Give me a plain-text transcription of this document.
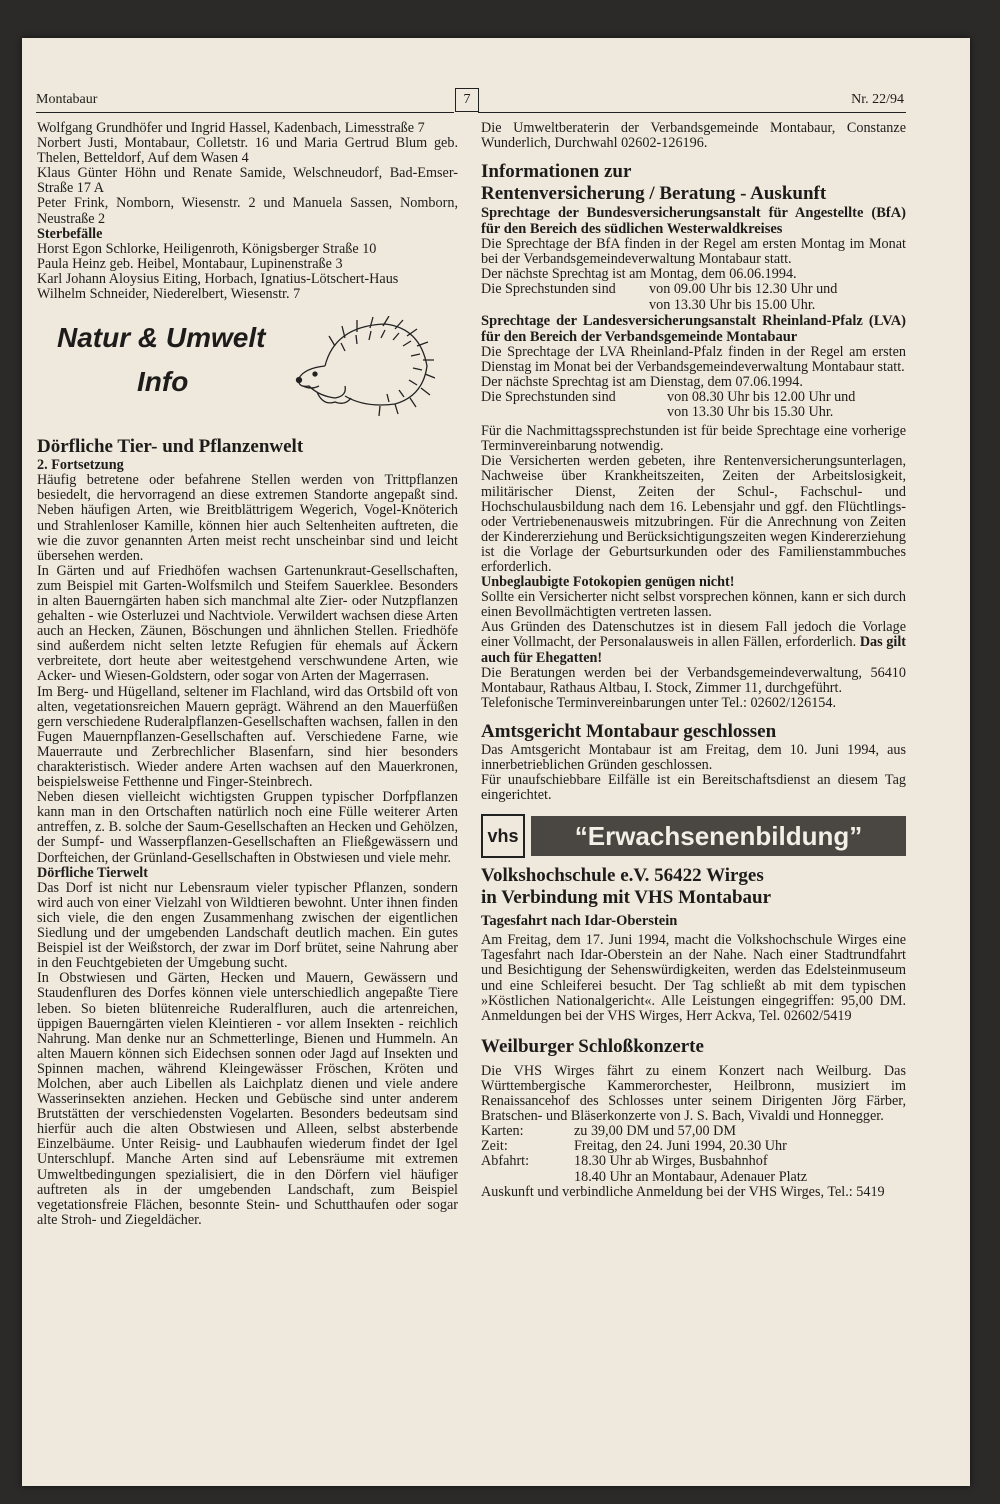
Montabaur	7	Nr. 22/94

Wolfgang Grundhöfer und Ingrid Hassel, Kadenbach, Limesstraße 7

Norbert Justi, Montabaur, Colletstr. 16 und Maria Gertrud Blum geb. Thelen, Betteldorf, Auf dem Wasen 4

Klaus Günter Höhn und Renate Samide, Welschneudorf, Bad-Emser-Straße 17 A

Peter Frink, Nomborn, Wiesenstr. 2 und Manuela Sassen, Nomborn, Neustraße 2

Sterbefälle

Horst Egon Schlorke, Heiligenroth, Königsberger Straße 10

Paula Heinz geb. Heibel, Montabaur, Lupinenstraße 3

Karl Johann Aloysius Eiting, Horbach, Ignatius-Lötschert-Haus

Wilhelm Schneider, Niederelbert, Wiesenstr. 7

Natur & Umwelt
Info

Dörfliche Tier- und Pflanzenwelt

2. Fortsetzung

Häufig betretene oder befahrene Stellen werden von Trittpflanzen besiedelt, die hervorragend an diese extremen Standorte angepaßt sind. Neben häufigen Arten, wie Breitblättrigem Wegerich, Vogel-Knöterich und Strahlenloser Kamille, können hier auch Seltenheiten auftreten, die wie die zuvor genannten Arten meist recht unscheinbar sind und leicht übersehen werden.

In Gärten und auf Friedhöfen wachsen Gartenunkraut-Gesellschaften, zum Beispiel mit Garten-Wolfsmilch und Steifem Sauerklee. Besonders in alten Bauerngärten haben sich manchmal alte Zier- oder Nutzpflanzen gehalten - wie Osterluzei und Nachtviole. Verwildert wachsen diese Arten auch an Hecken, Zäunen, Böschungen und ähnlichen Stellen. Friedhöfe sind außerdem nicht selten letzte Refugien für ehemals auf Äckern verbreitete, dort heute aber weitestgehend verschwundene Arten, wie Acker- und Wiesen-Goldstern, oder sogar von Arten der Magerrasen.

Im Berg- und Hügelland, seltener im Flachland, wird das Ortsbild oft von alten, vegetationsreichen Mauern geprägt. Während an den Mauerfüßen gern verschiedene Ruderalpflanzen-Gesellschaften wachsen, fallen in den Fugen Mauernpflanzen-Gesellschaften auf. Verschiedene Farne, wie Mauerraute und Zerbrechlicher Blasenfarn, sind hier besonders charakteristisch. Wieder andere Arten wachsen auf den Mauerkronen, beispielsweise Fetthenne und Finger-Steinbrech.

Neben diesen vielleicht wichtigsten Gruppen typischer Dorfpflanzen kann man in den Ortschaften natürlich noch eine Fülle weiterer Arten antreffen, z. B. solche der Saum-Gesellschaften an Hecken und Gehölzen, der Sumpf- und Wasserpflanzen-Gesellschaften an Fließgewässern und Dorfteichen, der Grünland-Gesellschaften in Obstwiesen und viele mehr.

Dörfliche Tierwelt

Das Dorf ist nicht nur Lebensraum vieler typischer Pflanzen, sondern wird auch von einer Vielzahl von Wildtieren bewohnt. Unter ihnen finden sich viele, die den engen Zusammenhang zwischen der eigentlichen Siedlung und der umgebenden Landschaft deutlich machen. Ein gutes Beispiel ist der Weißstorch, der zwar im Dorf brütet, seine Nahrung aber in den Feuchtgebieten der Umgebung sucht.

In Obstwiesen und Gärten, Hecken und Mauern, Gewässern und Staudenfluren des Dorfes können viele unterschiedlich angepaßte Tiere leben. So bieten blütenreiche Ruderalfluren, auch die artenreichen, üppigen Bauerngärten vielen Kleintieren - vor allem Insekten - reichlich Nahrung. Man denke nur an Schmetterlinge, Bienen und Hummeln. An alten Mauern können sich Eidechsen sonnen oder Jagd auf Insekten und Spinnen machen, während Kleingewässer Fröschen, Kröten und Molchen, aber auch Libellen als Laichplatz dienen und viele andere Wasserinsekten anziehen. Hecken und Gebüsche sind unter anderem Brutstätten der verschiedensten Vogelarten. Besonders bedeutsam sind hierfür auch die alten Obstwiesen und Alleen, selbst absterbende Einzelbäume. Unter Reisig- und Laubhaufen wiederum findet der Igel Unterschlupf. Manche Arten sind auf Lebensräume mit extremen Umweltbedingungen spezialisiert, die in den Dörfern viel häufiger auftreten als in der umgebenden Landschaft, zum Beispiel vegetationsfreie Flächen, besonnte Stein- und Schutthaufen oder sogar alte Stroh- und Ziegeldächer.

Die Umweltberaterin der Verbandsgemeinde Montabaur, Constanze Wunderlich, Durchwahl 02602-126196.

Informationen zur

Rentenversicherung / Beratung - Auskunft

Sprechtage der Bundesversicherungsanstalt für Angestellte (BfA) für den Bereich des südlichen Westerwaldkreises

Die Sprechtage der BfA finden in der Regel am ersten Montag im Monat bei der Verbandsgemeindeverwaltung Montabaur statt.

Der nächste Sprechtag ist am Montag, dem 06.06.1994.

Die Sprechstunden sind	von 09.00 Uhr bis 12.30 Uhr und
von 13.30 Uhr bis 15.00 Uhr.

Sprechtage der Landesversicherungsanstalt Rheinland-Pfalz (LVA) für den Bereich der Verbandsgemeinde Montabaur

Die Sprechtage der LVA Rheinland-Pfalz finden in der Regel am ersten Dienstag im Monat bei der Verbandsgemeindeverwaltung Montabaur statt.

Der nächste Sprechtag ist am Dienstag, dem 07.06.1994.

Die Sprechstunden sind	von 08.30 Uhr bis 12.00 Uhr und
von 13.30 Uhr bis 15.30 Uhr.

Für die Nachmittagssprechstunden ist für beide Sprechtage eine vorherige Terminvereinbarung notwendig.

Die Versicherten werden gebeten, ihre Rentenversicherungsunterlagen, Nachweise über Krankheitszeiten, Zeiten der Arbeitslosigkeit, militärischer Dienst, Zeiten der Schul-, Fachschul- und Hochschulausbildung nach dem 16. Lebensjahr und ggf. den Flüchtlings- oder Vertriebenenausweis mitzubringen. Für die Anrechnung von Zeiten der Kindererziehung und Berücksichtigungszeiten wegen Kindererziehung ist die Vorlage der Geburtsurkunden oder des Familienstammbuches erforderlich.

Unbeglaubigte Fotokopien genügen nicht!

Sollte ein Versicherter nicht selbst vorsprechen können, kann er sich durch einen Bevollmächtigten vertreten lassen.

Aus Gründen des Datenschutzes ist in diesem Fall jedoch die Vorlage einer Vollmacht, der Personalausweis in allen Fällen, erforderlich. Das gilt auch für Ehegatten!

Die Beratungen werden bei der Verbandsgemeindeverwaltung, 56410 Montabaur, Rathaus Altbau, I. Stock, Zimmer 11, durchgeführt.

Telefonische Terminvereinbarungen unter Tel.: 02602/126154.

Amtsgericht Montabaur geschlossen

Das Amtsgericht Montabaur ist am Freitag, dem 10. Juni 1994, aus innerbetrieblichen Gründen geschlossen.

Für unaufschiebbare Eilfälle ist ein Bereitschaftsdienst an diesem Tag eingerichtet.

vhs	“Erwachsenenbildung”

Volkshochschule e.V. 56422 Wirges

in Verbindung mit VHS Montabaur

Tagesfahrt nach Idar-Oberstein

Am Freitag, dem 17. Juni 1994, macht die Volkshochschule Wirges eine Tagesfahrt nach Idar-Oberstein an der Nahe. Nach einer Stadtrundfahrt und Besichtigung der Sehenswürdigkeiten, werden das Edelsteinmuseum und eine Schleiferei besucht. Der Tag schließt ab mit dem typischen »Köstlichen Nationalgericht«. Alle Leistungen eingegriffen: 95,00 DM. Anmeldungen bei der VHS Wirges, Herr Ackva, Tel. 02602/5419

Weilburger Schloßkonzerte

Die VHS Wirges fährt zu einem Konzert nach Weilburg. Das Württembergische Kammerorchester, Heilbronn, musiziert im Renaissancehof des Schlosses unter seinem Dirigenten Jörg Färber, Bratschen- und Bläserkonzerte von J. S. Bach, Vivaldi und Honnegger.

Karten:	zu 39,00 DM und 57,00 DM
Zeit:	Freitag, den 24. Juni 1994, 20.30 Uhr
Abfahrt:	18.30 Uhr ab Wirges, Busbahnhof
18.40 Uhr an Montabaur, Adenauer Platz

Auskunft und verbindliche Anmeldung bei der VHS Wirges, Tel.: 5419
